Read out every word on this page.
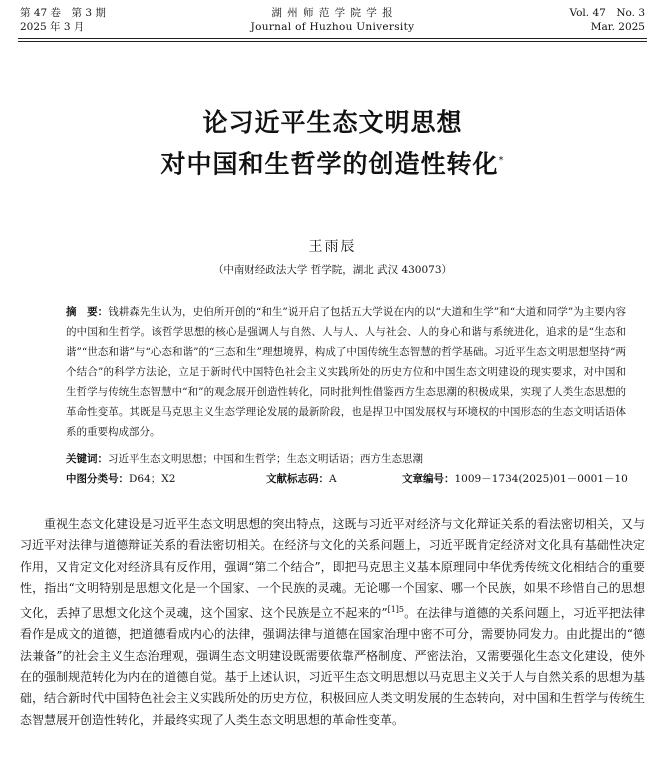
第 47 卷　第 3 期
2025 年 3 月
湖 州 师 范 学 院 学 报
Journal of Huzhou University
Vol. 47　No. 3
Mar. 2025
论习近平生态文明思想
对中国和生哲学的创造性转化*
王雨辰
（中南财经政法大学 哲学院，湖北 武汉 430073）
摘　要：钱耕森先生认为，史伯所开创的“和生”说开启了包括五大学说在内的以“大道和生学”和“大道和同学”为主要内容的中国和生哲学。该哲学思想的核心是强调人与自然、人与人、人与社会、人的身心和谐与系统进化，追求的是“生态和谐”“世态和谐”与“心态和谐”的“三态和生”理想境界，构成了中国传统生态智慧的哲学基础。习近平生态文明思想坚持“两个结合”的科学方法论，立足于新时代中国特色社会主义实践所处的历史方位和中国生态文明建设的现实要求，对中国和生哲学与传统生态智慧中“和”的观念展开创造性转化，同时批判性借鉴西方生态思潮的积极成果，实现了人类生态思想的革命性变革。其既是马克思主义生态学理论发展的最新阶段，也是捍卫中国发展权与环境权的中国形态的生态文明话语体系的重要构成部分。
关键词：习近平生态文明思想；中国和生哲学；生态文明话语；西方生态思潮
中图分类号：D64；X2	文献标志码：A	文章编号：1009－1734(2025)01－0001－10

重视生态文化建设是习近平生态文明思想的突出特点，这既与习近平对经济与文化辩证关系的看法密切相关，又与习近平对法律与道德辩证关系的看法密切相关。在经济与文化的关系问题上，习近平既肯定经济对文化具有基础性决定作用，又肯定文化对经济具有反作用，强调“第二个结合”，即把马克思主义基本原理同中华优秀传统文化相结合的重要性，指出“文明特别是思想文化是一个国家、一个民族的灵魂。无论哪一个国家、哪一个民族，如果不珍惜自己的思想文化，丢掉了思想文化这个灵魂，这个国家、这个民族是立不起来的”$^{[1]5}$。在法律与道德的关系问题上，习近平把法律看作是成文的道德，把道德看成内心的法律，强调法律与道德在国家治理中密不可分，需要协同发力。由此提出的“德法兼备”的社会主义生态治理观，强调生态文明建设既需要依靠严格制度、严密法治，又需要强化生态文化建设，使外在的强制规范转化为内在的道德自觉。基于上述认识，习近平生态文明思想以马克思主义关于人与自然关系的思想为基础，结合新时代中国特色社会主义实践所处的历史方位，积极回应人类文明发展的生态转向，对中国和生哲学与传统生态智慧展开创造性转化，并最终实现了人类生态文明思想的革命性变革。
